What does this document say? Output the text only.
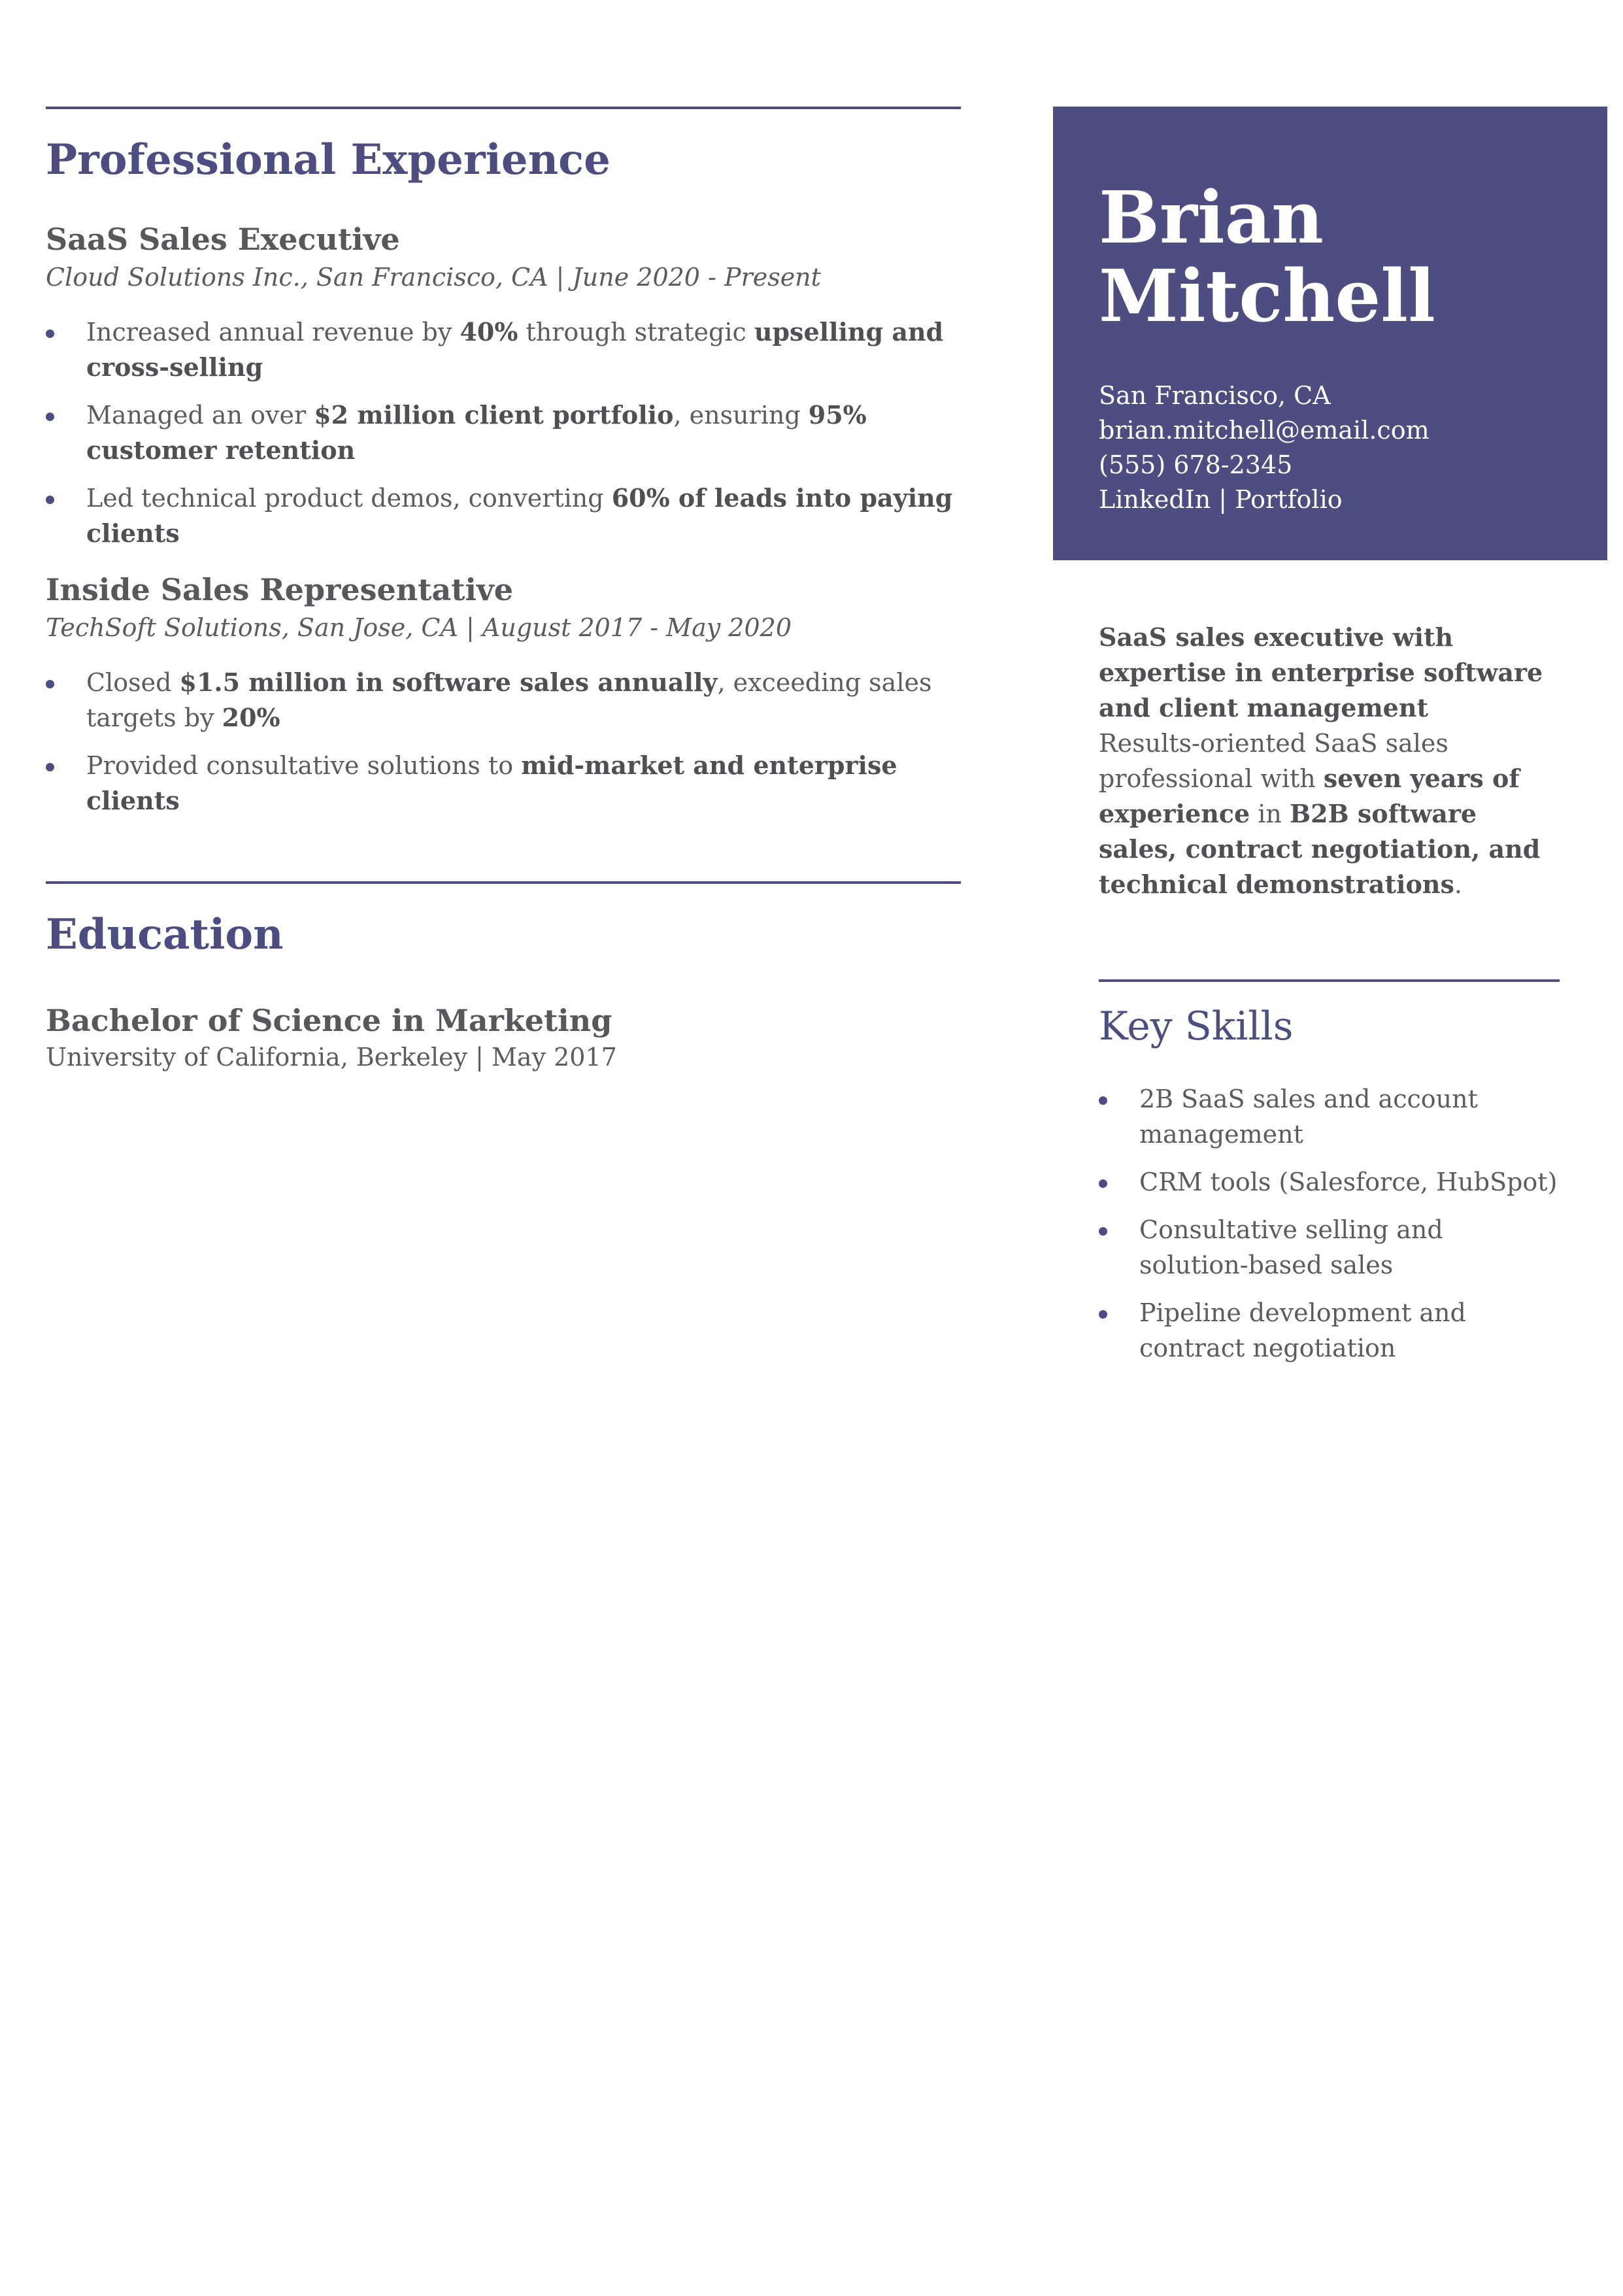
Professional Experience
SaaS Sales Executive
Cloud Solutions Inc., San Francisco, CA | June 2020 - Present
Increased annual revenue by 40% through strategic upselling and cross-selling
Managed an over $2 million client portfolio, ensuring 95% customer retention
Led technical product demos, converting 60% of leads into paying clients
Inside Sales Representative
TechSoft Solutions, San Jose, CA | August 2017 - May 2020
Closed $1.5 million in software sales annually, exceeding sales targets by 20%
Provided consultative solutions to mid-market and enterprise clients
Education
Bachelor of Science in Marketing
University of California, Berkeley | May 2017
Brian
Mitchell
San Francisco, CA
brian.mitchell@email.com
(555) 678-2345
LinkedIn | Portfolio
SaaS sales executive with expertise in enterprise software and client management
Results-oriented SaaS sales professional with seven years of experience in B2B software sales, contract negotiation, and technical demonstrations.
Key Skills
2B SaaS sales and account management
CRM tools (Salesforce, HubSpot)
Consultative selling and solution-based sales
Pipeline development and contract negotiation
